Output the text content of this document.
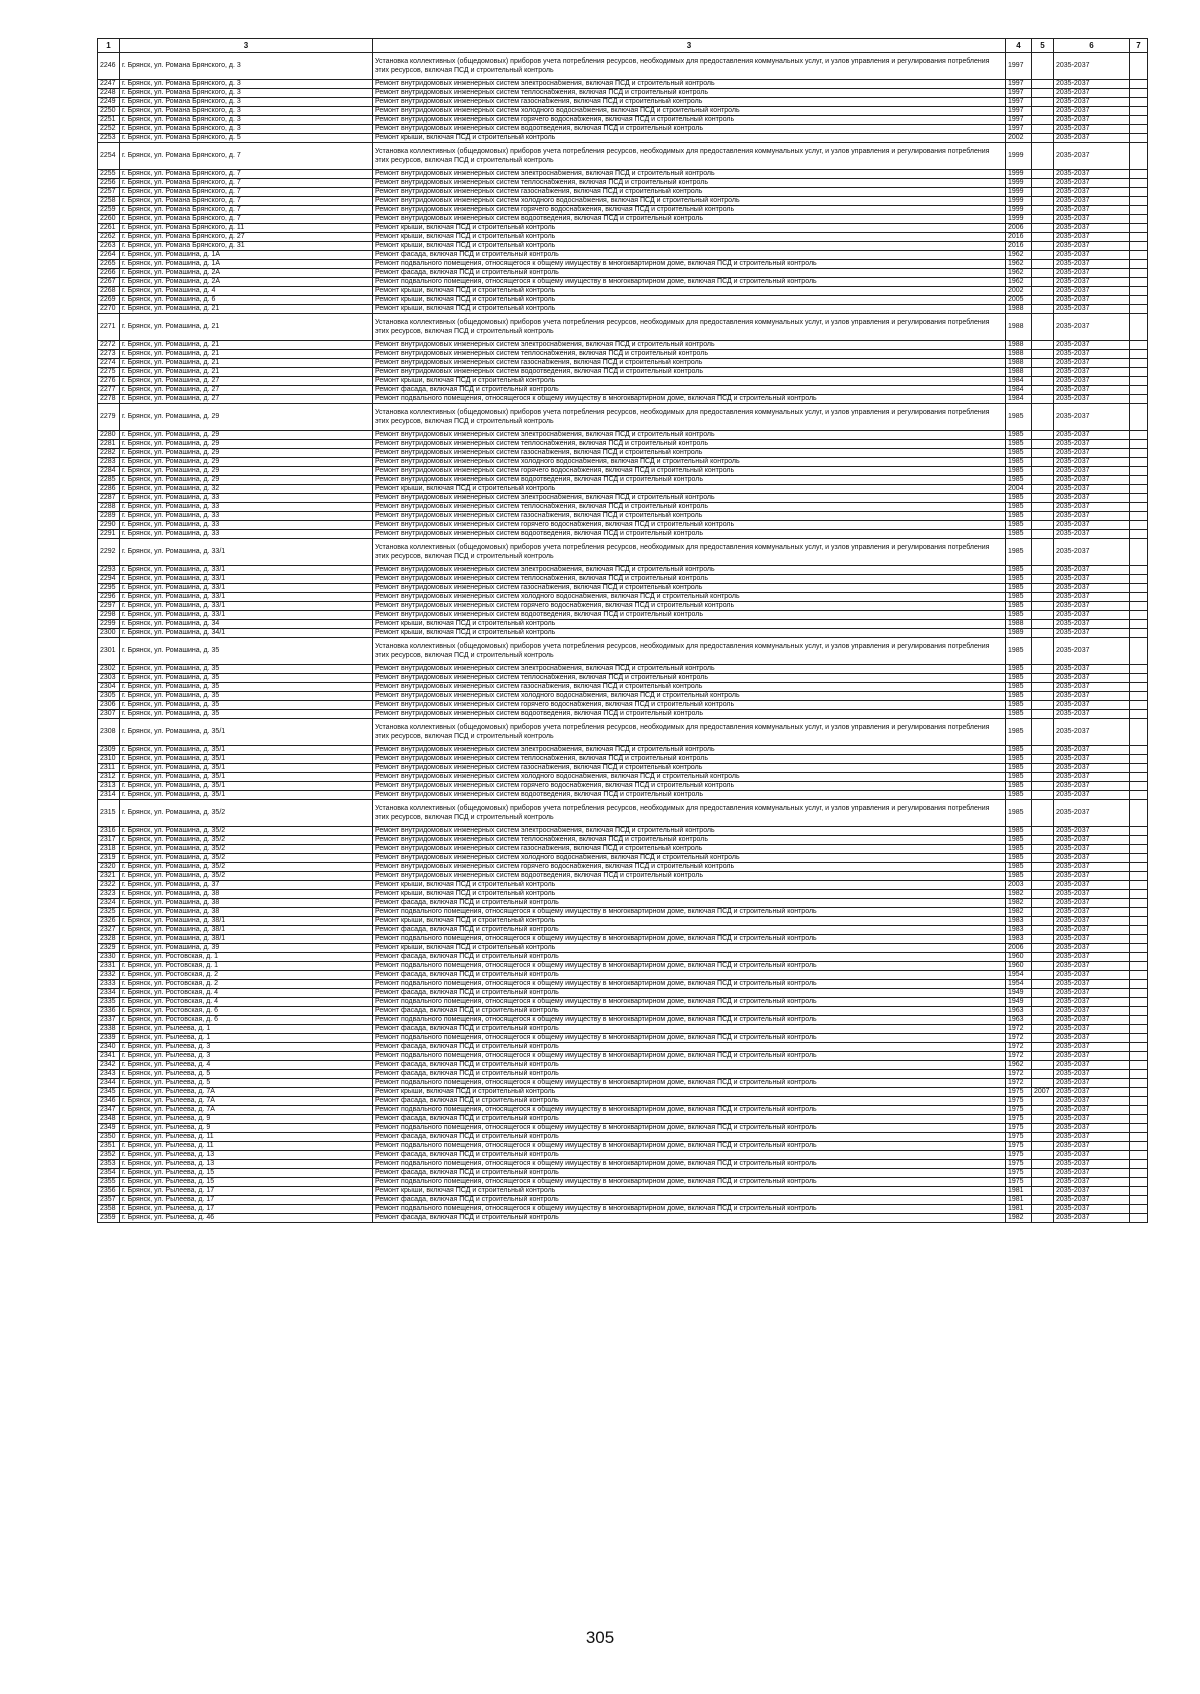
1	3	3	4	5	6	7
2246	г. Брянск, ул. Романа Брянского, д. 3	Установка коллективных (общедомовых) приборов учета потребления ресурсов, необходимых для предоставления коммунальных услуг, и узлов управления и регулирования потребления этих ресурсов, включая ПСД и строительный контроль	1997		2035-2037	
2247	г. Брянск, ул. Романа Брянского, д. 3	Ремонт внутридомовых инженерных систем электроснабжения, включая ПСД и строительный контроль	1997		2035-2037	
2248	г. Брянск, ул. Романа Брянского, д. 3	Ремонт внутридомовых инженерных систем теплоснабжения, включая ПСД и строительный контроль	1997		2035-2037	
2249	г. Брянск, ул. Романа Брянского, д. 3	Ремонт внутридомовых инженерных систем газоснабжения, включая ПСД и строительный контроль	1997		2035-2037	
2250	г. Брянск, ул. Романа Брянского, д. 3	Ремонт внутридомовых инженерных систем холодного водоснабжения, включая ПСД и строительный контроль	1997		2035-2037	
2251	г. Брянск, ул. Романа Брянского, д. 3	Ремонт внутридомовых инженерных систем горячего водоснабжения, включая ПСД и строительный контроль	1997		2035-2037	
2252	г. Брянск, ул. Романа Брянского, д. 3	Ремонт внутридомовых инженерных систем водоотведения, включая ПСД и строительный контроль	1997		2035-2037	
2253	г. Брянск, ул. Романа Брянского, д. 5	Ремонт крыши, включая ПСД и строительный контроль	2002		2035-2037	
2254	г. Брянск, ул. Романа Брянского, д. 7	Установка коллективных (общедомовых) приборов учета потребления ресурсов, необходимых для предоставления коммунальных услуг, и узлов управления и регулирования потребления этих ресурсов, включая ПСД и строительный контроль	1999		2035-2037	
2255	г. Брянск, ул. Романа Брянского, д. 7	Ремонт внутридомовых инженерных систем электроснабжения, включая ПСД и строительный контроль	1999		2035-2037	
2256	г. Брянск, ул. Романа Брянского, д. 7	Ремонт внутридомовых инженерных систем теплоснабжения, включая ПСД и строительный контроль	1999		2035-2037	
2257	г. Брянск, ул. Романа Брянского, д. 7	Ремонт внутридомовых инженерных систем газоснабжения, включая ПСД и строительный контроль	1999		2035-2037	
2258	г. Брянск, ул. Романа Брянского, д. 7	Ремонт внутридомовых инженерных систем холодного водоснабжения, включая ПСД и строительный контроль	1999		2035-2037	
2259	г. Брянск, ул. Романа Брянского, д. 7	Ремонт внутридомовых инженерных систем горячего водоснабжения, включая ПСД и строительный контроль	1999		2035-2037	
2260	г. Брянск, ул. Романа Брянского, д. 7	Ремонт внутридомовых инженерных систем водоотведения, включая ПСД и строительный контроль	1999		2035-2037	
2261	г. Брянск, ул. Романа Брянского, д. 11	Ремонт крыши, включая ПСД и строительный контроль	2006		2035-2037	
2262	г. Брянск, ул. Романа Брянского, д. 27	Ремонт крыши, включая ПСД и строительный контроль	2016		2035-2037	
2263	г. Брянск, ул. Романа Брянского, д. 31	Ремонт крыши, включая ПСД и строительный контроль	2016		2035-2037	
2264	г. Брянск, ул. Ромашина, д. 1А	Ремонт фасада, включая ПСД и строительный контроль	1962		2035-2037	
2265	г. Брянск, ул. Ромашина, д. 1А	Ремонт подвального помещения, относящегося к общему имуществу в многоквартирном доме, включая ПСД и строительный контроль	1962		2035-2037	
2266	г. Брянск, ул. Ромашина, д. 2А	Ремонт фасада, включая ПСД и строительный контроль	1962		2035-2037	
2267	г. Брянск, ул. Ромашина, д. 2А	Ремонт подвального помещения, относящегося к общему имуществу в многоквартирном доме, включая ПСД и строительный контроль	1962		2035-2037	
2268	г. Брянск, ул. Ромашина, д. 4	Ремонт крыши, включая ПСД и строительный контроль	2002		2035-2037	
2269	г. Брянск, ул. Ромашина, д. 6	Ремонт крыши, включая ПСД и строительный контроль	2005		2035-2037	
2270	г. Брянск, ул. Ромашина, д. 21	Ремонт крыши, включая ПСД и строительный контроль	1988		2035-2037	
2271	г. Брянск, ул. Ромашина, д. 21	Установка коллективных (общедомовых) приборов учета потребления ресурсов, необходимых для предоставления коммунальных услуг, и узлов управления и регулирования потребления этих ресурсов, включая ПСД и строительный контроль	1988		2035-2037	
2272	г. Брянск, ул. Ромашина, д. 21	Ремонт внутридомовых инженерных систем электроснабжения, включая ПСД и строительный контроль	1988		2035-2037	
2273	г. Брянск, ул. Ромашина, д. 21	Ремонт внутридомовых инженерных систем теплоснабжения, включая ПСД и строительный контроль	1988		2035-2037	
2274	г. Брянск, ул. Ромашина, д. 21	Ремонт внутридомовых инженерных систем газоснабжения, включая ПСД и строительный контроль	1988		2035-2037	
2275	г. Брянск, ул. Ромашина, д. 21	Ремонт внутридомовых инженерных систем водоотведения, включая ПСД и строительный контроль	1988		2035-2037	
2276	г. Брянск, ул. Ромашина, д. 27	Ремонт крыши, включая ПСД и строительный контроль	1984		2035-2037	
2277	г. Брянск, ул. Ромашина, д. 27	Ремонт фасада, включая ПСД и строительный контроль	1984		2035-2037	
2278	г. Брянск, ул. Ромашина, д. 27	Ремонт подвального помещения, относящегося к общему имуществу в многоквартирном доме, включая ПСД и строительный контроль	1984		2035-2037	
2279	г. Брянск, ул. Ромашина, д. 29	Установка коллективных (общедомовых) приборов учета потребления ресурсов, необходимых для предоставления коммунальных услуг, и узлов управления и регулирования потребления этих ресурсов, включая ПСД и строительный контроль	1985		2035-2037	
2280	г. Брянск, ул. Ромашина, д. 29	Ремонт внутридомовых инженерных систем электроснабжения, включая ПСД и строительный контроль	1985		2035-2037	
2281	г. Брянск, ул. Ромашина, д. 29	Ремонт внутридомовых инженерных систем теплоснабжения, включая ПСД и строительный контроль	1985		2035-2037	
2282	г. Брянск, ул. Ромашина, д. 29	Ремонт внутридомовых инженерных систем газоснабжения, включая ПСД и строительный контроль	1985		2035-2037	
2283	г. Брянск, ул. Ромашина, д. 29	Ремонт внутридомовых инженерных систем холодного водоснабжения, включая ПСД и строительный контроль	1985		2035-2037	
2284	г. Брянск, ул. Ромашина, д. 29	Ремонт внутридомовых инженерных систем горячего водоснабжения, включая ПСД и строительный контроль	1985		2035-2037	
2285	г. Брянск, ул. Ромашина, д. 29	Ремонт внутридомовых инженерных систем водоотведения, включая ПСД и строительный контроль	1985		2035-2037	
2286	г. Брянск, ул. Ромашина, д. 32	Ремонт крыши, включая ПСД и строительный контроль	2004		2035-2037	
2287	г. Брянск, ул. Ромашина, д. 33	Ремонт внутридомовых инженерных систем электроснабжения, включая ПСД и строительный контроль	1985		2035-2037	
2288	г. Брянск, ул. Ромашина, д. 33	Ремонт внутридомовых инженерных систем теплоснабжения, включая ПСД и строительный контроль	1985		2035-2037	
2289	г. Брянск, ул. Ромашина, д. 33	Ремонт внутридомовых инженерных систем газоснабжения, включая ПСД и строительный контроль	1985		2035-2037	
2290	г. Брянск, ул. Ромашина, д. 33	Ремонт внутридомовых инженерных систем горячего водоснабжения, включая ПСД и строительный контроль	1985		2035-2037	
2291	г. Брянск, ул. Ромашина, д. 33	Ремонт внутридомовых инженерных систем водоотведения, включая ПСД и строительный контроль	1985		2035-2037	
2292	г. Брянск, ул. Ромашина, д. 33/1	Установка коллективных (общедомовых) приборов учета потребления ресурсов, необходимых для предоставления коммунальных услуг, и узлов управления и регулирования потребления этих ресурсов, включая ПСД и строительный контроль	1985		2035-2037	
2293	г. Брянск, ул. Ромашина, д. 33/1	Ремонт внутридомовых инженерных систем электроснабжения, включая ПСД и строительный контроль	1985		2035-2037	
2294	г. Брянск, ул. Ромашина, д. 33/1	Ремонт внутридомовых инженерных систем теплоснабжения, включая ПСД и строительный контроль	1985		2035-2037	
2295	г. Брянск, ул. Ромашина, д. 33/1	Ремонт внутридомовых инженерных систем газоснабжения, включая ПСД и строительный контроль	1985		2035-2037	
2296	г. Брянск, ул. Ромашина, д. 33/1	Ремонт внутридомовых инженерных систем холодного водоснабжения, включая ПСД и строительный контроль	1985		2035-2037	
2297	г. Брянск, ул. Ромашина, д. 33/1	Ремонт внутридомовых инженерных систем горячего водоснабжения, включая ПСД и строительный контроль	1985		2035-2037	
2298	г. Брянск, ул. Ромашина, д. 33/1	Ремонт внутридомовых инженерных систем водоотведения, включая ПСД и строительный контроль	1985		2035-2037	
2299	г. Брянск, ул. Ромашина, д. 34	Ремонт крыши, включая ПСД и строительный контроль	1988		2035-2037	
2300	г. Брянск, ул. Ромашина, д. 34/1	Ремонт крыши, включая ПСД и строительный контроль	1989		2035-2037	
2301	г. Брянск, ул. Ромашина, д. 35	Установка коллективных (общедомовых) приборов учета потребления ресурсов, необходимых для предоставления коммунальных услуг, и узлов управления и регулирования потребления этих ресурсов, включая ПСД и строительный контроль	1985		2035-2037	
2302	г. Брянск, ул. Ромашина, д. 35	Ремонт внутридомовых инженерных систем электроснабжения, включая ПСД и строительный контроль	1985		2035-2037	
2303	г. Брянск, ул. Ромашина, д. 35	Ремонт внутридомовых инженерных систем теплоснабжения, включая ПСД и строительный контроль	1985		2035-2037	
2304	г. Брянск, ул. Ромашина, д. 35	Ремонт внутридомовых инженерных систем газоснабжения, включая ПСД и строительный контроль	1985		2035-2037	
2305	г. Брянск, ул. Ромашина, д. 35	Ремонт внутридомовых инженерных систем холодного водоснабжения, включая ПСД и строительный контроль	1985		2035-2037	
2306	г. Брянск, ул. Ромашина, д. 35	Ремонт внутридомовых инженерных систем горячего водоснабжения, включая ПСД и строительный контроль	1985		2035-2037	
2307	г. Брянск, ул. Ромашина, д. 35	Ремонт внутридомовых инженерных систем водоотведения, включая ПСД и строительный контроль	1985		2035-2037	
2308	г. Брянск, ул. Ромашина, д. 35/1	Установка коллективных (общедомовых) приборов учета потребления ресурсов, необходимых для предоставления коммунальных услуг, и узлов управления и регулирования потребления этих ресурсов, включая ПСД и строительный контроль	1985		2035-2037	
2309	г. Брянск, ул. Ромашина, д. 35/1	Ремонт внутридомовых инженерных систем электроснабжения, включая ПСД и строительный контроль	1985		2035-2037	
2310	г. Брянск, ул. Ромашина, д. 35/1	Ремонт внутридомовых инженерных систем теплоснабжения, включая ПСД и строительный контроль	1985		2035-2037	
2311	г. Брянск, ул. Ромашина, д. 35/1	Ремонт внутридомовых инженерных систем газоснабжения, включая ПСД и строительный контроль	1985		2035-2037	
2312	г. Брянск, ул. Ромашина, д. 35/1	Ремонт внутридомовых инженерных систем холодного водоснабжения, включая ПСД и строительный контроль	1985		2035-2037	
2313	г. Брянск, ул. Ромашина, д. 35/1	Ремонт внутридомовых инженерных систем горячего водоснабжения, включая ПСД и строительный контроль	1985		2035-2037	
2314	г. Брянск, ул. Ромашина, д. 35/1	Ремонт внутридомовых инженерных систем водоотведения, включая ПСД и строительный контроль	1985		2035-2037	
2315	г. Брянск, ул. Ромашина, д. 35/2	Установка коллективных (общедомовых) приборов учета потребления ресурсов, необходимых для предоставления коммунальных услуг, и узлов управления и регулирования потребления этих ресурсов, включая ПСД и строительный контроль	1985		2035-2037	
2316	г. Брянск, ул. Ромашина, д. 35/2	Ремонт внутридомовых инженерных систем электроснабжения, включая ПСД и строительный контроль	1985		2035-2037	
2317	г. Брянск, ул. Ромашина, д. 35/2	Ремонт внутридомовых инженерных систем теплоснабжения, включая ПСД и строительный контроль	1985		2035-2037	
2318	г. Брянск, ул. Ромашина, д. 35/2	Ремонт внутридомовых инженерных систем газоснабжения, включая ПСД и строительный контроль	1985		2035-2037	
2319	г. Брянск, ул. Ромашина, д. 35/2	Ремонт внутридомовых инженерных систем холодного водоснабжения, включая ПСД и строительный контроль	1985		2035-2037	
2320	г. Брянск, ул. Ромашина, д. 35/2	Ремонт внутридомовых инженерных систем горячего водоснабжения, включая ПСД и строительный контроль	1985		2035-2037	
2321	г. Брянск, ул. Ромашина, д. 35/2	Ремонт внутридомовых инженерных систем водоотведения, включая ПСД и строительный контроль	1985		2035-2037	
2322	г. Брянск, ул. Ромашина, д. 37	Ремонт крыши, включая ПСД и строительный контроль	2003		2035-2037	
2323	г. Брянск, ул. Ромашина, д. 38	Ремонт крыши, включая ПСД и строительный контроль	1982		2035-2037	
2324	г. Брянск, ул. Ромашина, д. 38	Ремонт фасада, включая ПСД и строительный контроль	1982		2035-2037	
2325	г. Брянск, ул. Ромашина, д. 38	Ремонт подвального помещения, относящегося к общему имуществу в многоквартирном доме, включая ПСД и строительный контроль	1982		2035-2037	
2326	г. Брянск, ул. Ромашина, д. 38/1	Ремонт крыши, включая ПСД и строительный контроль	1983		2035-2037	
2327	г. Брянск, ул. Ромашина, д. 38/1	Ремонт фасада, включая ПСД и строительный контроль	1983		2035-2037	
2328	г. Брянск, ул. Ромашина, д. 38/1	Ремонт подвального помещения, относящегося к общему имуществу в многоквартирном доме, включая ПСД и строительный контроль	1983		2035-2037	
2329	г. Брянск, ул. Ромашина, д. 39	Ремонт крыши, включая ПСД и строительный контроль	2006		2035-2037	
2330	г. Брянск, ул. Ростовская, д. 1	Ремонт фасада, включая ПСД и строительный контроль	1960		2035-2037	
2331	г. Брянск, ул. Ростовская, д. 1	Ремонт подвального помещения, относящегося к общему имуществу в многоквартирном доме, включая ПСД и строительный контроль	1960		2035-2037	
2332	г. Брянск, ул. Ростовская, д. 2	Ремонт фасада, включая ПСД и строительный контроль	1954		2035-2037	
2333	г. Брянск, ул. Ростовская, д. 2	Ремонт подвального помещения, относящегося к общему имуществу в многоквартирном доме, включая ПСД и строительный контроль	1954		2035-2037	
2334	г. Брянск, ул. Ростовская, д. 4	Ремонт фасада, включая ПСД и строительный контроль	1949		2035-2037	
2335	г. Брянск, ул. Ростовская, д. 4	Ремонт подвального помещения, относящегося к общему имуществу в многоквартирном доме, включая ПСД и строительный контроль	1949		2035-2037	
2336	г. Брянск, ул. Ростовская, д. 6	Ремонт фасада, включая ПСД и строительный контроль	1963		2035-2037	
2337	г. Брянск, ул. Ростовская, д. 6	Ремонт подвального помещения, относящегося к общему имуществу в многоквартирном доме, включая ПСД и строительный контроль	1963		2035-2037	
2338	г. Брянск, ул. Рылеева, д. 1	Ремонт фасада, включая ПСД и строительный контроль	1972		2035-2037	
2339	г. Брянск, ул. Рылеева, д. 1	Ремонт подвального помещения, относящегося к общему имуществу в многоквартирном доме, включая ПСД и строительный контроль	1972		2035-2037	
2340	г. Брянск, ул. Рылеева, д. 3	Ремонт фасада, включая ПСД и строительный контроль	1972		2035-2037	
2341	г. Брянск, ул. Рылеева, д. 3	Ремонт подвального помещения, относящегося к общему имуществу в многоквартирном доме, включая ПСД и строительный контроль	1972		2035-2037	
2342	г. Брянск, ул. Рылеева, д. 4	Ремонт фасада, включая ПСД и строительный контроль	1962		2035-2037	
2343	г. Брянск, ул. Рылеева, д. 5	Ремонт фасада, включая ПСД и строительный контроль	1972		2035-2037	
2344	г. Брянск, ул. Рылеева, д. 5	Ремонт подвального помещения, относящегося к общему имуществу в многоквартирном доме, включая ПСД и строительный контроль	1972		2035-2037	
2345	г. Брянск, ул. Рылеева, д. 7А	Ремонт крыши, включая ПСД и строительный контроль	1975	2007	2035-2037	
2346	г. Брянск, ул. Рылеева, д. 7А	Ремонт фасада, включая ПСД и строительный контроль	1975		2035-2037	
2347	г. Брянск, ул. Рылеева, д. 7А	Ремонт подвального помещения, относящегося к общему имуществу в многоквартирном доме, включая ПСД и строительный контроль	1975		2035-2037	
2348	г. Брянск, ул. Рылеева, д. 9	Ремонт фасада, включая ПСД и строительный контроль	1975		2035-2037	
2349	г. Брянск, ул. Рылеева, д. 9	Ремонт подвального помещения, относящегося к общему имуществу в многоквартирном доме, включая ПСД и строительный контроль	1975		2035-2037	
2350	г. Брянск, ул. Рылеева, д. 11	Ремонт фасада, включая ПСД и строительный контроль	1975		2035-2037	
2351	г. Брянск, ул. Рылеева, д. 11	Ремонт подвального помещения, относящегося к общему имуществу в многоквартирном доме, включая ПСД и строительный контроль	1975		2035-2037	
2352	г. Брянск, ул. Рылеева, д. 13	Ремонт фасада, включая ПСД и строительный контроль	1975		2035-2037	
2353	г. Брянск, ул. Рылеева, д. 13	Ремонт подвального помещения, относящегося к общему имуществу в многоквартирном доме, включая ПСД и строительный контроль	1975		2035-2037	
2354	г. Брянск, ул. Рылеева, д. 15	Ремонт фасада, включая ПСД и строительный контроль	1975		2035-2037	
2355	г. Брянск, ул. Рылеева, д. 15	Ремонт подвального помещения, относящегося к общему имуществу в многоквартирном доме, включая ПСД и строительный контроль	1975		2035-2037	
2356	г. Брянск, ул. Рылеева, д. 17	Ремонт крыши, включая ПСД и строительный контроль	1981		2035-2037	
2357	г. Брянск, ул. Рылеева, д. 17	Ремонт фасада, включая ПСД и строительный контроль	1981		2035-2037	
2358	г. Брянск, ул. Рылеева, д. 17	Ремонт подвального помещения, относящегося к общему имуществу в многоквартирном доме, включая ПСД и строительный контроль	1981		2035-2037	
2359	г. Брянск, ул. Рылеева, д. 46	Ремонт фасада, включая ПСД и строительный контроль	1982		2035-2037	
305
